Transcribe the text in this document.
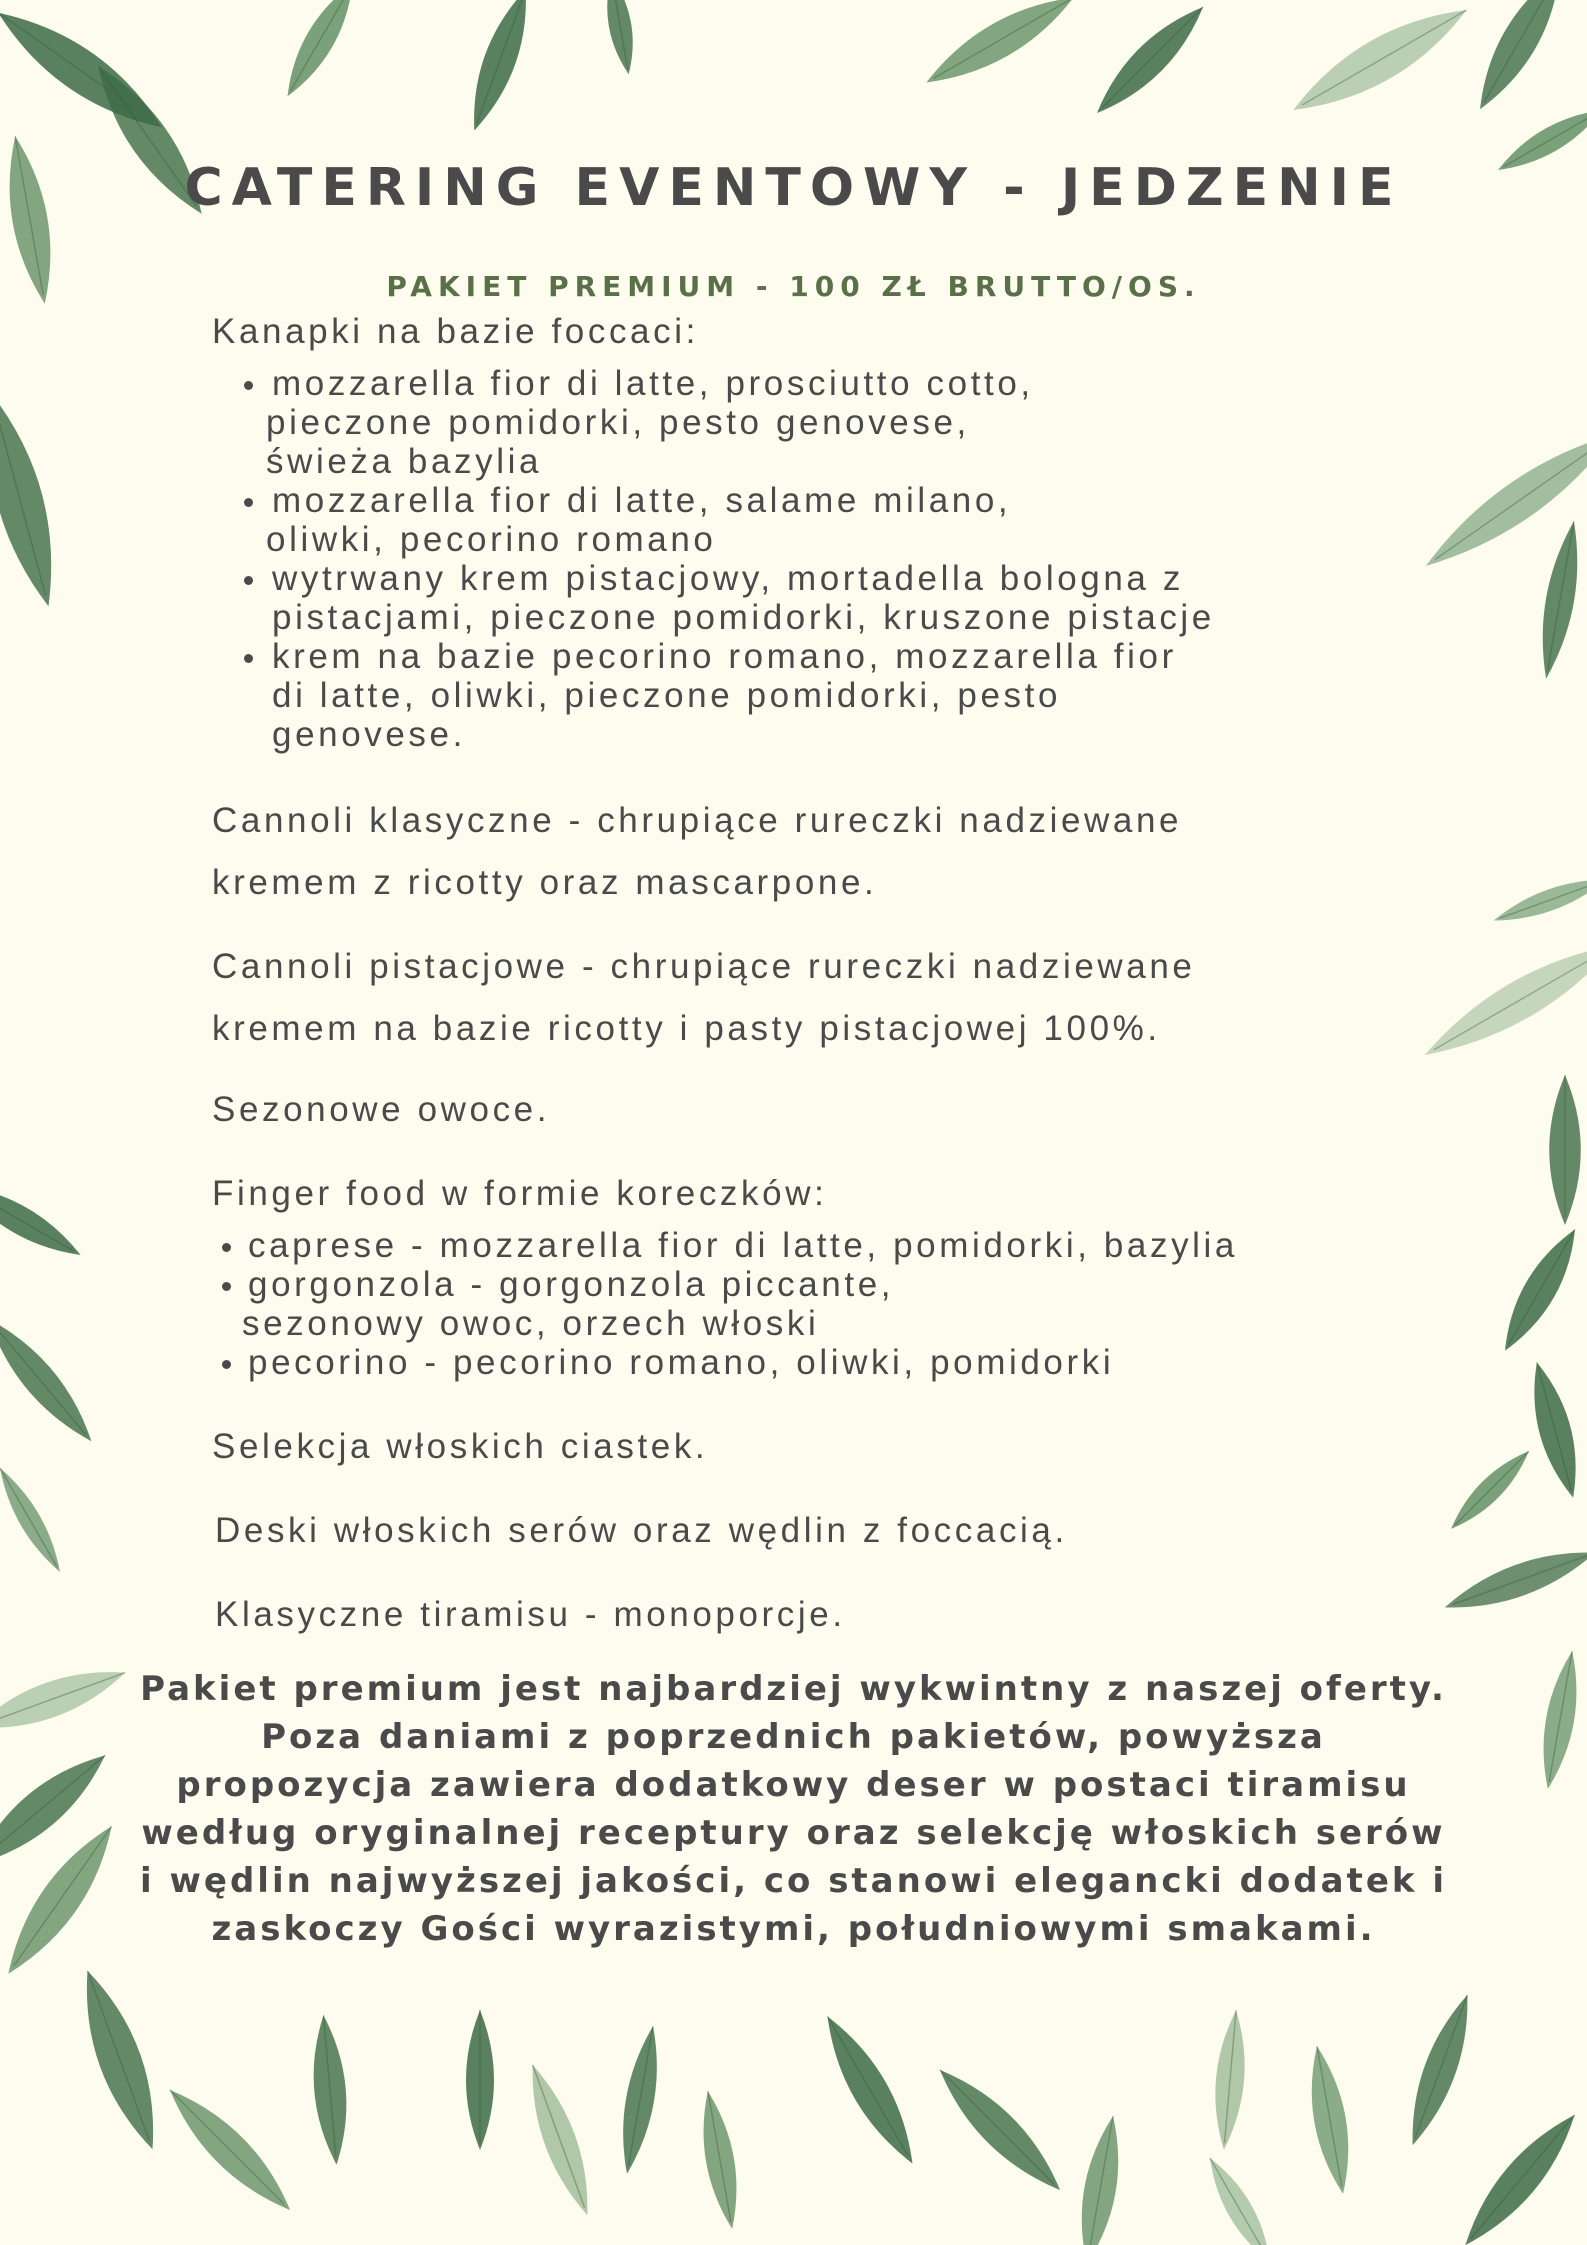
CATERING EVENTOWY - JEDZENIE
PAKIET PREMIUM - 100 ZŁ BRUTTO/OS.

Kanapki na bazie foccaci:

mozzarella fior di latte, prosciutto cotto,
pieczone pomidorki, pesto genovese,
świeża bazylia
mozzarella fior di latte, salame milano,
oliwki, pecorino romano
wytrwany krem pistacjowy, mortadella bologna z
pistacjami, pieczone pomidorki, kruszone pistacje
krem na bazie pecorino romano, mozzarella fior
di latte, oliwki, pieczone pomidorki, pesto
genovese.

Cannoli klasyczne - chrupiące rureczki nadziewane

kremem z ricotty oraz mascarpone.

Cannoli pistacjowe - chrupiące rureczki nadziewane

kremem na bazie ricotty i pasty pistacjowej 100%.

Sezonowe owoce.

Finger food w formie koreczków:

caprese - mozzarella fior di latte, pomidorki, bazylia
gorgonzola - gorgonzola piccante,
sezonowy owoc, orzech włoski
pecorino - pecorino romano, oliwki, pomidorki

Selekcja włoskich ciastek.

Deski włoskich serów oraz wędlin z foccacią.

Klasyczne tiramisu - monoporcje.

Pakiet premium jest najbardziej wykwintny z naszej oferty. Poza daniami z poprzednich pakietów, powyższa propozycja zawiera dodatkowy deser w postaci tiramisu według oryginalnej receptury oraz selekcję włoskich serów i wędlin najwyższej jakości, co stanowi elegancki dodatek i zaskoczy Gości wyrazistymi, południowymi smakami.
